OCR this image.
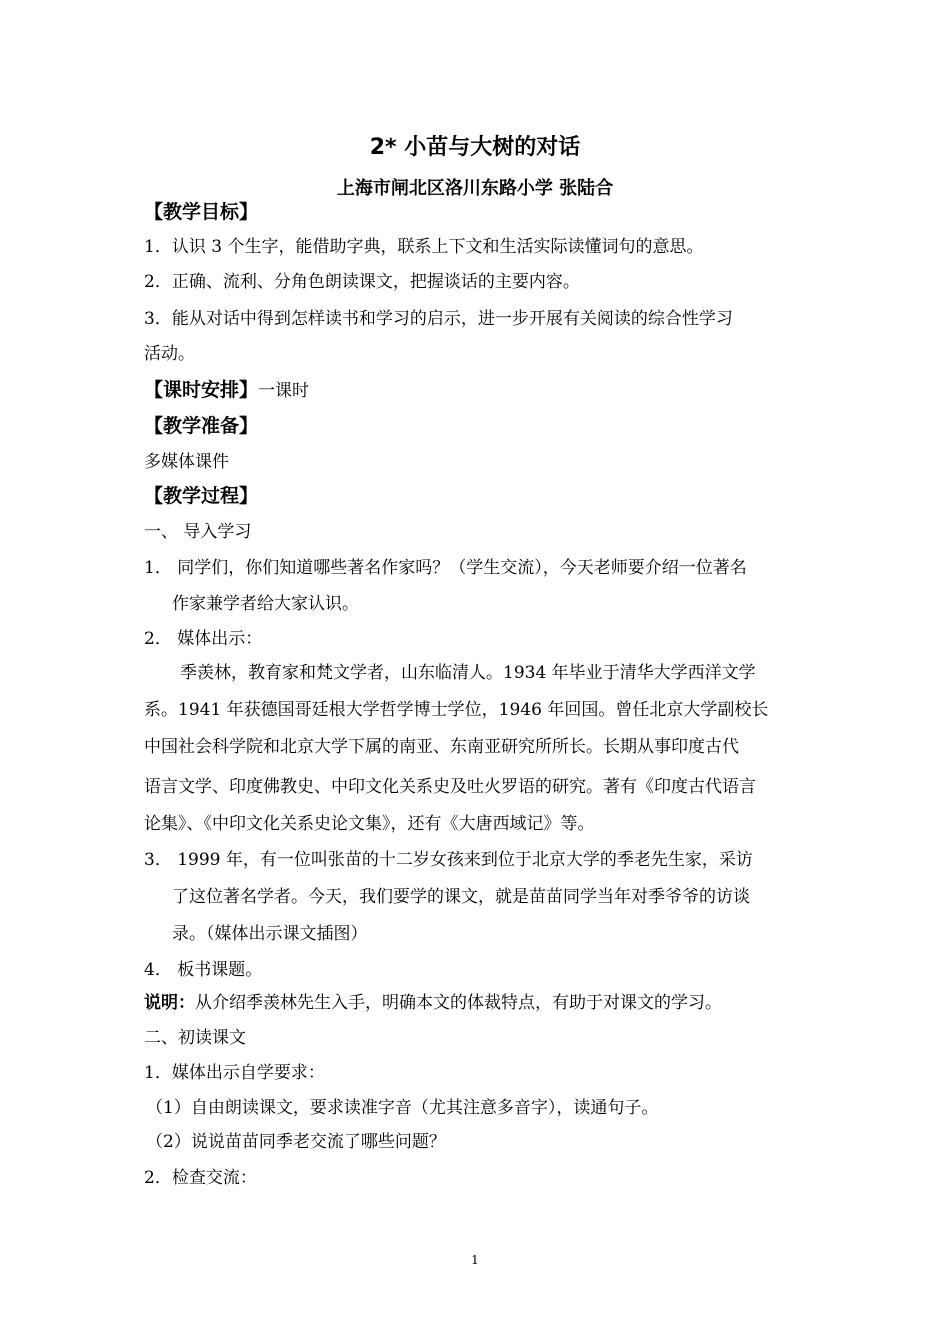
2* 小苗与大树的对话
上海市闸北区洛川东路小学 张陆合
【教学目标】
1．认识 3 个生字，能借助字典，联系上下文和生活实际读懂词句的意思。
2．正确、流利、分角色朗读课文，把握谈话的主要内容。
3．能从对话中得到怎样读书和学习的启示，进一步开展有关阅读的综合性学习
活动。
【课时安排】一课时
【教学准备】
多媒体课件
【教学过程】
一、 导入学习
1． 同学们，你们知道哪些著名作家吗？（学生交流），今天老师要介绍一位著名
作家兼学者给大家认识。
2． 媒体出示：
季羡林，教育家和梵文学者，山东临清人。1934 年毕业于清华大学西洋文学
系。1941 年获德国哥廷根大学哲学博士学位，1946 年回国。曾任北京大学副校长
中国社会科学院和北京大学下属的南亚、东南亚研究所所长。长期从事印度古代
语言文学、印度佛教史、中印文化关系史及吐火罗语的研究。著有《印度古代语言
论集》、《中印文化关系史论文集》，还有《大唐西域记》等。
3． 1999 年，有一位叫张苗的十二岁女孩来到位于北京大学的季老先生家，采访
了这位著名学者。今天，我们要学的课文，就是苗苗同学当年对季爷爷的访谈
录。（媒体出示课文插图）
4． 板书课题。
说明：从介绍季羡林先生入手，明确本文的体裁特点，有助于对课文的学习。
二、初读课文
1．媒体出示自学要求：
（1）自由朗读课文，要求读准字音（尤其注意多音字），读通句子。
（2）说说苗苗同季老交流了哪些问题？
2．检查交流：
1
